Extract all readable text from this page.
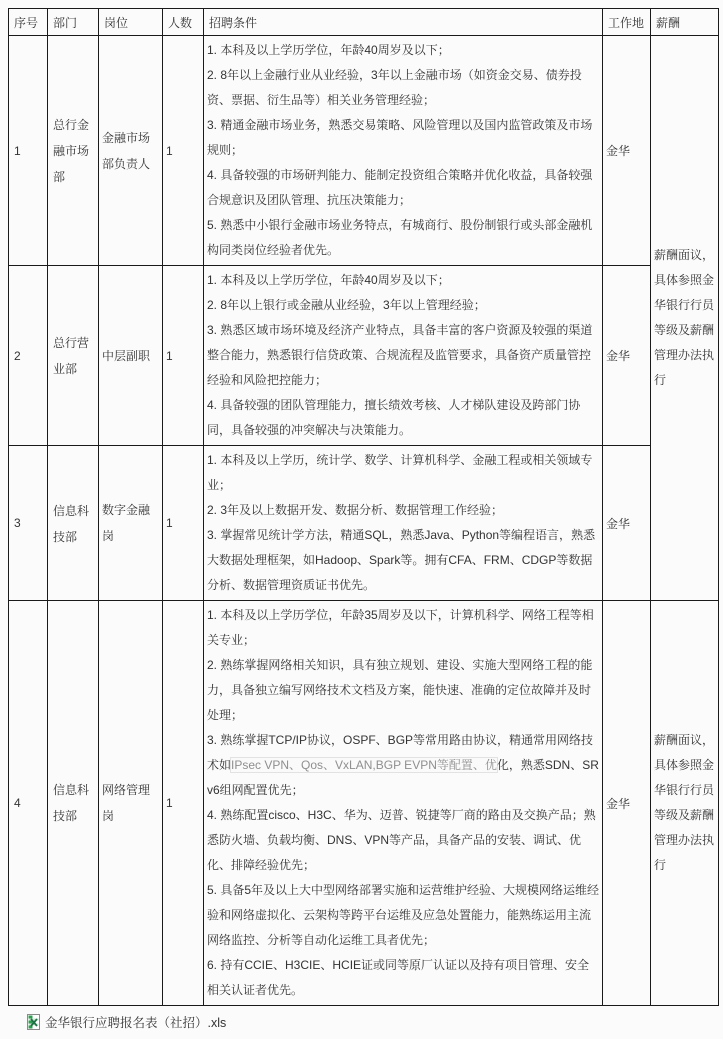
序号	部门	岗位	人数	招聘条件	工作地	薪酬
1	总行金融市场部	金融市场部负责人	1	1. 本科及以上学历学位，年龄40周岁及以下；

2. 8年以上金融行业从业经验，3年以上金融市场（如资金交易、债券投资、票据、衍生品等）相关业务管理经验；

3. 精通金融市场业务，熟悉交易策略、风险管理以及国内监管政策及市场规则；

4. 具备较强的市场研判能力、能制定投资组合策略并优化收益，具备较强合规意识及团队管理、抗压决策能力；

5. 熟悉中小银行金融市场业务特点，有城商行、股份制银行或头部金融机构同类岗位经验者优先。	金华	薪酬面议，具体参照金华银行行员等级及薪酬管理办法执行
2	总行营业部	中层副职	1	1. 本科及以上学历学位，年龄40周岁及以下；

2. 8年以上银行或金融从业经验，3年以上管理经验；

3. 熟悉区域市场环境及经济产业特点，具备丰富的客户资源及较强的渠道整合能力，熟悉银行信贷政策、合规流程及监管要求，具备资产质量管控经验和风险把控能力；

4. 具备较强的团队管理能力，擅长绩效考核、人才梯队建设及跨部门协同，具备较强的冲突解决与决策能力。	金华	
3	信息科技部	数字金融岗	1	1. 本科及以上学历，统计学、数学、计算机科学、金融工程或相关领域专业；

2. 3年及以上数据开发、数据分析、数据管理工作经验；

3. 掌握常见统计学方法，精通SQL，熟悉Java、Python等编程语言，熟悉大数据处理框架，如Hadoop、Spark等。拥有CFA、FRM、CDGP等数据分析、数据管理资质证书优先。	金华	
4	信息科技部	网络管理岗	1	

1. 本科及以上学历学位，年龄35周岁及以下，计算机科学、网络工程等相关专业；

2. 熟练掌握网络相关知识，具有独立规划、建设、实施大型网络工程的能力，具备独立编写网络技术文档及方案，能快速、准确的定位故障并及时处理；

3. 熟练掌握TCP/IP协议，OSPF、BGP等常用路由协议，精通常用网络技术如IPsec VPN、Qos、VxLAN,BGP EVPN等配置、优化，熟悉SDN、SRv6组网配置优先；

4. 熟练配置cisco、H3C、华为、迈普、锐捷等厂商的路由及交换产品；熟悉防火墙、负载均衡、DNS、VPN等产品，具备产品的安装、调试、优化、排障经验优先；

5. 具备5年及以上大中型网络部署实施和运营维护经验、大规模网络运维经验和网络虚拟化、云架构等跨平台运维及应急处置能力，能熟练运用主流网络监控、分析等自动化运维工具者优先；

6. 持有CCIE、H3CIE、HCIE证或同等原厂认证以及持有项目管理、安全相关认证者优先。

	金华	薪酬面议，具体参照金华银行行员等级及薪酬管理办法执行
金华银行应聘报名表（社招）.xls
